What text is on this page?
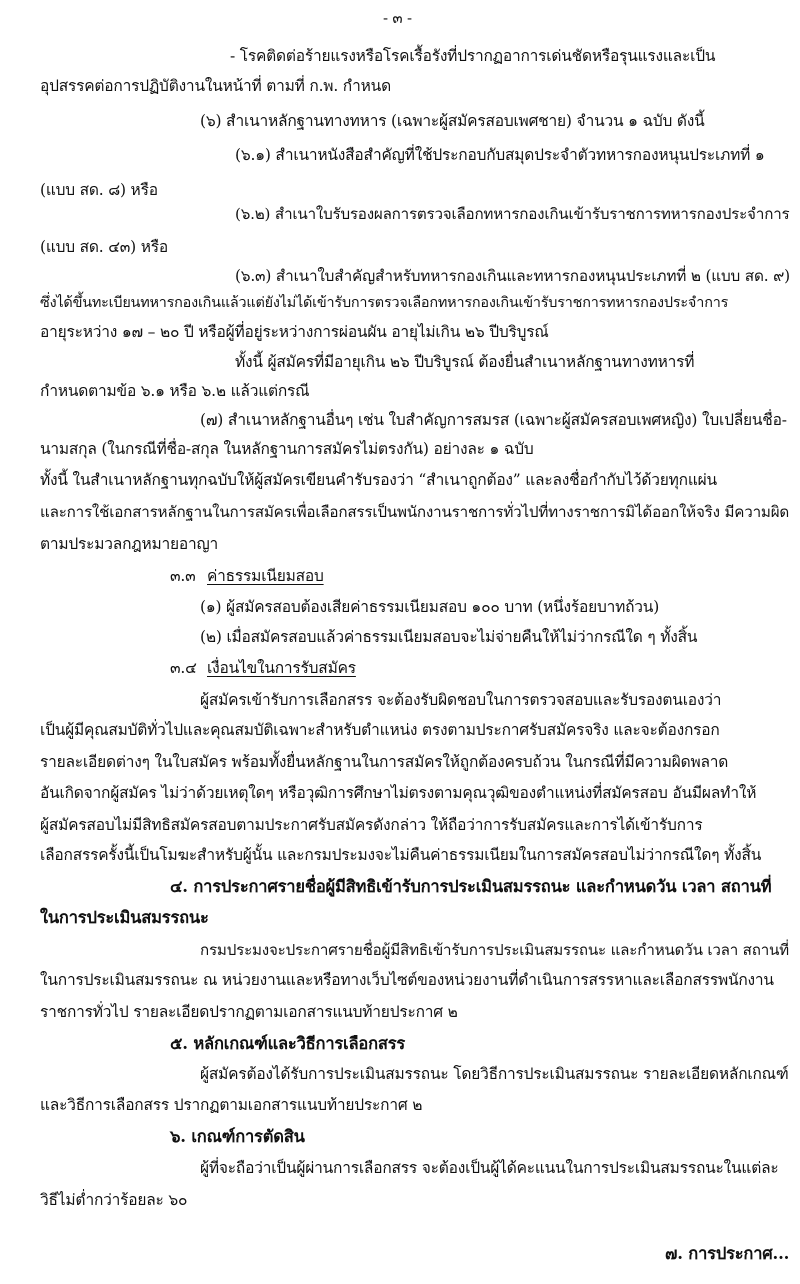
- ๓ -
- โรคติดต่อร้ายแรงหรือโรคเรื้อรังที่ปรากฏอาการเด่นชัดหรือรุนแรงและเป็น
อุปสรรคต่อการปฏิบัติงานในหน้าที่ ตามที่ ก.พ. กำหนด
(๖) สำเนาหลักฐานทางทหาร (เฉพาะผู้สมัครสอบเพศชาย) จำนวน ๑ ฉบับ ดังนี้
(๖.๑) สำเนาหนังสือสำคัญที่ใช้ประกอบกับสมุดประจำตัวทหารกองหนุนประเภทที่ ๑
(แบบ สด. ๘) หรือ
(๖.๒) สำเนาใบรับรองผลการตรวจเลือกทหารกองเกินเข้ารับราชการทหารกองประจำการ
(แบบ สด. ๔๓) หรือ
(๖.๓) สำเนาใบสำคัญสำหรับทหารกองเกินและทหารกองหนุนประเภทที่ ๒ (แบบ สด. ๙)
ซึ่งได้ขึ้นทะเบียนทหารกองเกินแล้วแต่ยังไม่ได้เข้ารับการตรวจเลือกทหารกองเกินเข้ารับราชการทหารกองประจำการ
อายุระหว่าง ๑๗ – ๒๐ ปี หรือผู้ที่อยู่ระหว่างการผ่อนผัน อายุไม่เกิน ๒๖ ปีบริบูรณ์
ทั้งนี้ ผู้สมัครที่มีอายุเกิน ๒๖ ปีบริบูรณ์ ต้องยื่นสำเนาหลักฐานทางทหารที่
กำหนดตามข้อ ๖.๑ หรือ ๖.๒ แล้วแต่กรณี
(๗) สำเนาหลักฐานอื่นๆ เช่น ใบสำคัญการสมรส (เฉพาะผู้สมัครสอบเพศหญิง) ใบเปลี่ยนชื่อ-
นามสกุล (ในกรณีที่ชื่อ-สกุล ในหลักฐานการสมัครไม่ตรงกัน) อย่างละ ๑ ฉบับ
ทั้งนี้ ในสำเนาหลักฐานทุกฉบับให้ผู้สมัครเขียนคำรับรองว่า “สำเนาถูกต้อง” และลงชื่อกำกับไว้ด้วยทุกแผ่น
และการใช้เอกสารหลักฐานในการสมัครเพื่อเลือกสรรเป็นพนักงานราชการทั่วไปที่ทางราชการมิได้ออกให้จริง มีความผิด
ตามประมวลกฎหมายอาญา
๓.๓ ค่าธรรมเนียมสอบ
(๑) ผู้สมัครสอบต้องเสียค่าธรรมเนียมสอบ ๑๐๐ บาท (หนึ่งร้อยบาทถ้วน)
(๒) เมื่อสมัครสอบแล้วค่าธรรมเนียมสอบจะไม่จ่ายคืนให้ไม่ว่ากรณีใด ๆ ทั้งสิ้น
๓.๔ เงื่อนไขในการรับสมัคร
ผู้สมัครเข้ารับการเลือกสรร จะต้องรับผิดชอบในการตรวจสอบและรับรองตนเองว่า
เป็นผู้มีคุณสมบัติทั่วไปและคุณสมบัติเฉพาะสำหรับตำแหน่ง ตรงตามประกาศรับสมัครจริง และจะต้องกรอก
รายละเอียดต่างๆ ในใบสมัคร พร้อมทั้งยื่นหลักฐานในการสมัครให้ถูกต้องครบถ้วน ในกรณีที่มีความผิดพลาด
อันเกิดจากผู้สมัคร ไม่ว่าด้วยเหตุใดๆ หรือวุฒิการศึกษาไม่ตรงตามคุณวุฒิของตำแหน่งที่สมัครสอบ อันมีผลทำให้
ผู้สมัครสอบไม่มีสิทธิสมัครสอบตามประกาศรับสมัครดังกล่าว ให้ถือว่าการรับสมัครและการได้เข้ารับการ
เลือกสรรครั้งนี้เป็นโมฆะสำหรับผู้นั้น และกรมประมงจะไม่คืนค่าธรรมเนียมในการสมัครสอบไม่ว่ากรณีใดๆ ทั้งสิ้น
๔. การประกาศรายชื่อผู้มีสิทธิเข้ารับการประเมินสมรรถนะ และกำหนดวัน เวลา สถานที่
ในการประเมินสมรรถนะ
กรมประมงจะประกาศรายชื่อผู้มีสิทธิเข้ารับการประเมินสมรรถนะ และกำหนดวัน เวลา สถานที่
ในการประเมินสมรรถนะ ณ หน่วยงานและหรือทางเว็บไซต์ของหน่วยงานที่ดำเนินการสรรหาและเลือกสรรพนักงาน
ราชการทั่วไป รายละเอียดปรากฏตามเอกสารแนบท้ายประกาศ ๒
๕. หลักเกณฑ์และวิธีการเลือกสรร
ผู้สมัครต้องได้รับการประเมินสมรรถนะ โดยวิธีการประเมินสมรรถนะ รายละเอียดหลักเกณฑ์
และวิธีการเลือกสรร ปรากฏตามเอกสารแนบท้ายประกาศ ๒
๖. เกณฑ์การตัดสิน
ผู้ที่จะถือว่าเป็นผู้ผ่านการเลือกสรร จะต้องเป็นผู้ได้คะแนนในการประเมินสมรรถนะในแต่ละ
วิธีไม่ต่ำกว่าร้อยละ ๖๐
๗. การประกาศ...
